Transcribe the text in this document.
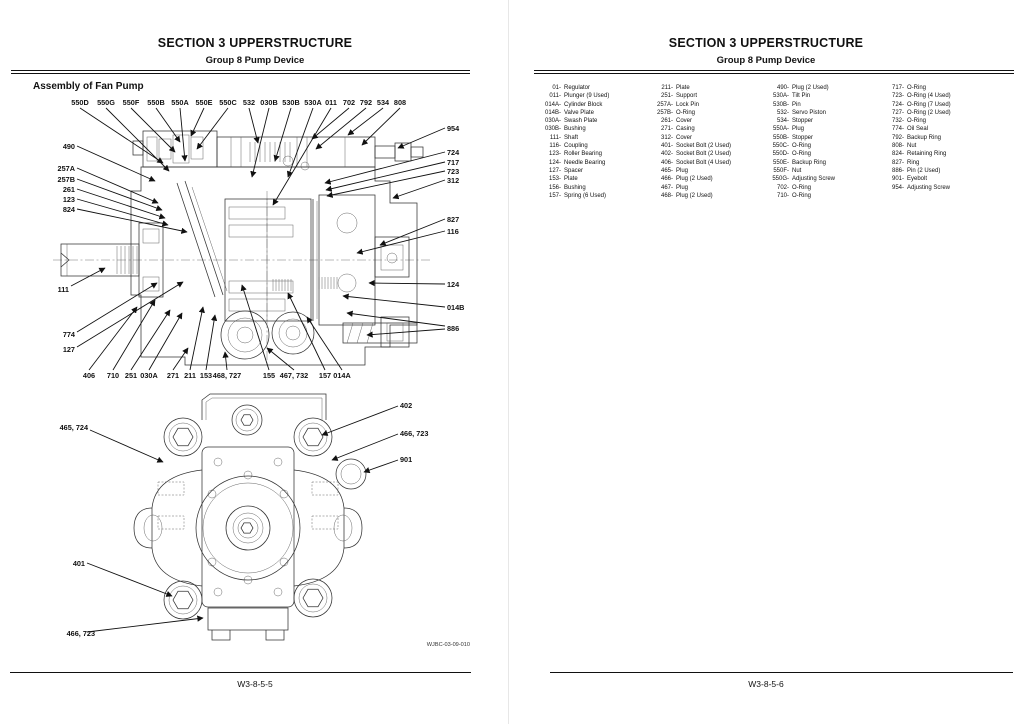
SECTION 3 UPPERSTRUCTURE
Group 8 Pump Device
Assembly of Fan Pump
550D 550G 550F 550B 550A 550E 550C 532 030B 530B 530A 011 702 792 534 808
490
257A
257B
261
123
824
111
774
127
954
724
717
723
312
827
116
124
014B
886
406 710 251 030A 271 211 153 468, 727	155 467, 732 157 014A
465, 724
402
466, 723
901
401
466, 723
WJBC-03-09-010
W3-8-5-5
SECTION 3 UPPERSTRUCTURE
Group 8 Pump Device
01- Regulator
011- Plunger (9 Used)
014A- Cylinder Block
014B- Valve Plate
030A- Swash Plate
030B- Bushing
111- Shaft
116- Coupling
123- Roller Bearing
124- Needle Bearing
127- Spacer
153- Plate
156- Bushing
157- Spring (6 Used)
211- Plate
251- Support
257A- Lock Pin
257B- O-Ring
261- Cover
271- Casing
312- Cover
401- Socket Bolt (2 Used)
402- Socket Bolt (2 Used)
406- Socket Bolt (4 Used)
465- Plug
466- Plug (2 Used)
467- Plug
468- Plug (2 Used)
490- Plug (2 Used)
530A- Tilt Pin
530B- Pin
532- Servo Piston
534- Stopper
550A- Plug
550B- Stopper
550C- O-Ring
550D- O-Ring
550E- Backup Ring
550F- Nut
550G- Adjusting Screw
702- O-Ring
710- O-Ring
717- O-Ring
723- O-Ring (4 Used)
724- O-Ring (7 Used)
727- O-Ring (2 Used)
732- O-Ring
774- Oil Seal
792- Backup Ring
808- Nut
824- Retaining Ring
827- Ring
886- Pin (2 Used)
901- Eyebolt
954- Adjusting Screw
W3-8-5-6
